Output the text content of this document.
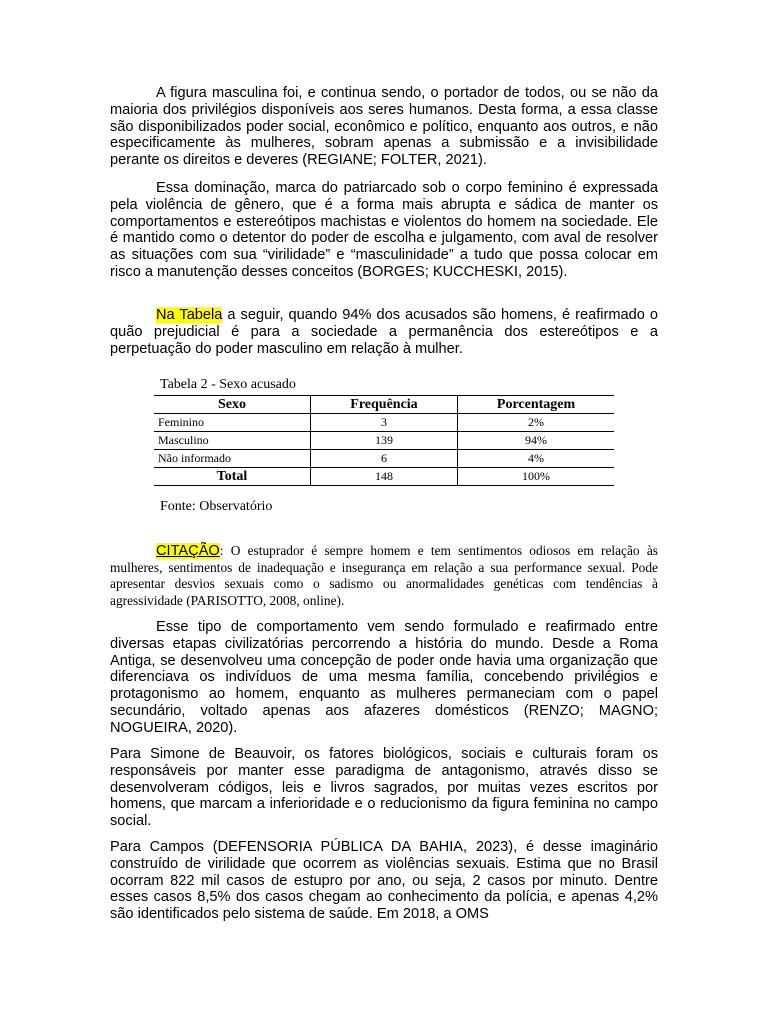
A figura masculina foi, e continua sendo, o portador de todos, ou se não da maioria dos privilégios disponíveis aos seres humanos. Desta forma, a essa classe são disponibilizados poder social, econômico e político, enquanto aos outros, e não especificamente às mulheres, sobram apenas a submissão e a invisibilidade perante os direitos e deveres (REGIANE; FOLTER, 2021).

Essa dominação, marca do patriarcado sob o corpo feminino é expressada pela violência de gênero, que é a forma mais abrupta e sádica de manter os comportamentos e estereótipos machistas e violentos do homem na sociedade. Ele é mantido como o detentor do poder de escolha e julgamento, com aval de resolver as situações com sua “virilidade” e “masculinidade” a tudo que possa colocar em risco a manutenção desses conceitos (BORGES; KUCCHESKI, 2015).

Na Tabela a seguir, quando 94% dos acusados são homens, é reafirmado o quão prejudicial é para a sociedade a permanência dos estereótipos e a perpetuação do poder masculino em relação à mulher.

Tabela 2 - Sexo acusado
Sexo	Frequência	Porcentagem
Feminino	3	2%
Masculino	139	94%
Não informado	6	4%
Total	148	100%
Fonte: Observatório

CITAÇÃO: O estuprador é sempre homem e tem sentimentos odiosos em relação às mulheres, sentimentos de inadequação e insegurança em relação a sua performance sexual. Pode apresentar desvios sexuais como o sadismo ou anormalidades genéticas com tendências à agressividade (PARISOTTO, 2008, online).

Esse tipo de comportamento vem sendo formulado e reafirmado entre diversas etapas civilizatórias percorrendo a história do mundo. Desde a Roma Antiga, se desenvolveu uma concepção de poder onde havia uma organização que diferenciava os indivíduos de uma mesma família, concebendo privilégios e protagonismo ao homem, enquanto as mulheres permaneciam com o papel secundário, voltado apenas aos afazeres domésticos (RENZO; MAGNO; NOGUEIRA, 2020).

Para Simone de Beauvoir, os fatores biológicos, sociais e culturais foram os responsáveis por manter esse paradigma de antagonismo, através disso se desenvolveram códigos, leis e livros sagrados, por muitas vezes escritos por homens, que marcam a inferioridade e o reducionismo da figura feminina no campo social.

Para Campos (DEFENSORIA PÚBLICA DA BAHIA, 2023), é desse imaginário construído de virilidade que ocorrem as violências sexuais. Estima que no Brasil ocorram 822 mil casos de estupro por ano, ou seja, 2 casos por minuto. Dentre esses casos 8,5% dos casos chegam ao conhecimento da polícia, e apenas 4,2% são identificados pelo sistema de saúde. Em 2018, a OMS
